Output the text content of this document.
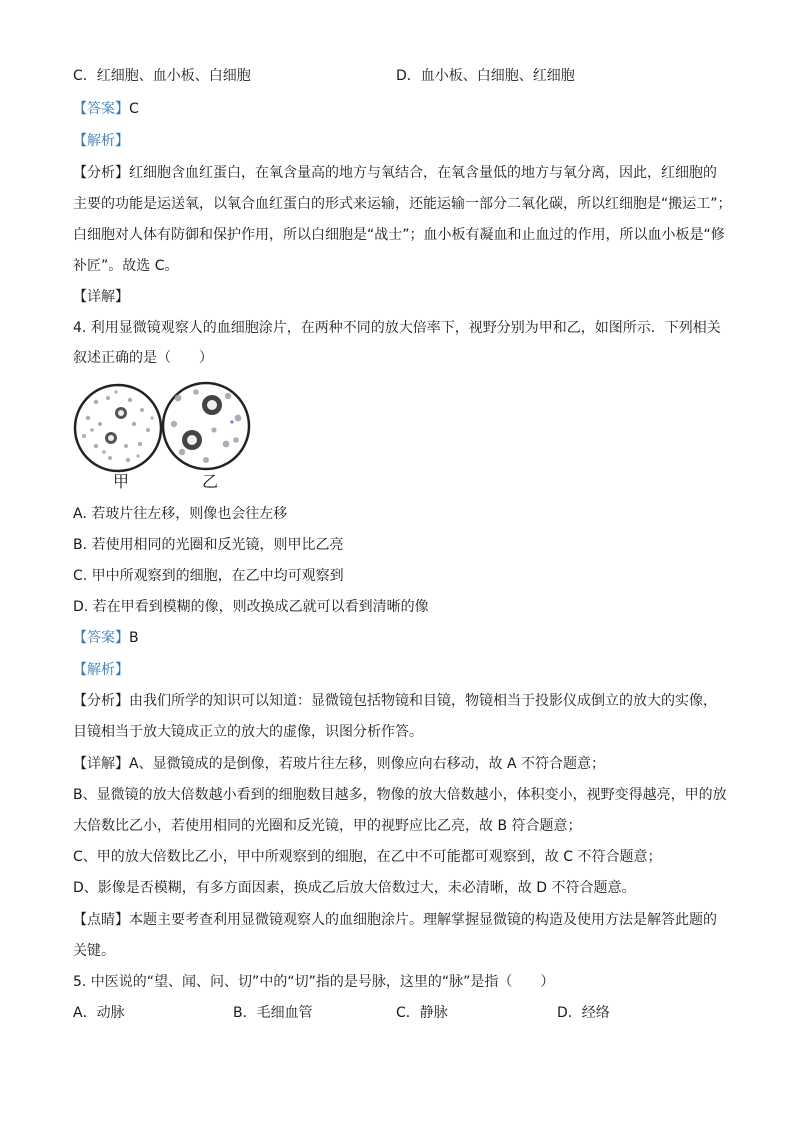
C．红细胞、血小板、白细胞	D．血小板、白细胞、红细胞
【答案】C
【解析】
【分析】红细胞含血红蛋白，在氧含量高的地方与氧结合，在氧含量低的地方与氧分离，因此，红细胞的
主要的功能是运送氧，以氧合血红蛋白的形式来运输，还能运输一部分二氧化碳，所以红细胞是“搬运工”；
白细胞对人体有防御和保护作用，所以白细胞是“战士”；血小板有凝血和止血过的作用，所以血小板是“修
补匠”。故选 C。
【详解】
4. 利用显微镜观察人的血细胞涂片，在两种不同的放大倍率下，视野分别为甲和乙，如图所示．下列相关
叙述正确的是（　　）
甲	乙
A. 若玻片往左移，则像也会往左移
B. 若使用相同的光圈和反光镜，则甲比乙亮
C. 甲中所观察到的细胞，在乙中均可观察到
D. 若在甲看到模糊的像，则改换成乙就可以看到清晰的像
【答案】B
【解析】
【分析】由我们所学的知识可以知道：显微镜包括物镜和目镜，物镜相当于投影仪成倒立的放大的实像，
目镜相当于放大镜成正立的放大的虚像，识图分析作答。
【详解】A、显微镜成的是倒像，若玻片往左移，则像应向右移动，故 A 不符合题意；
B、显微镜的放大倍数越小看到的细胞数目越多，物像的放大倍数越小，体积变小，视野变得越亮，甲的放
大倍数比乙小，若使用相同的光圈和反光镜，甲的视野应比乙亮，故 B 符合题意；
C、甲的放大倍数比乙小，甲中所观察到的细胞，在乙中不可能都可观察到，故 C 不符合题意；
D、影像是否模糊，有多方面因素，换成乙后放大倍数过大，未必清晰，故 D 不符合题意。
【点睛】本题主要考查利用显微镜观察人的血细胞涂片。理解掌握显微镜的构造及使用方法是解答此题的
关键。
5. 中医说的“望、闻、问、切”中的“切”指的是号脉，这里的“脉”是指（　　）
A．动脉	B．毛细血管	C．静脉	D．经络
